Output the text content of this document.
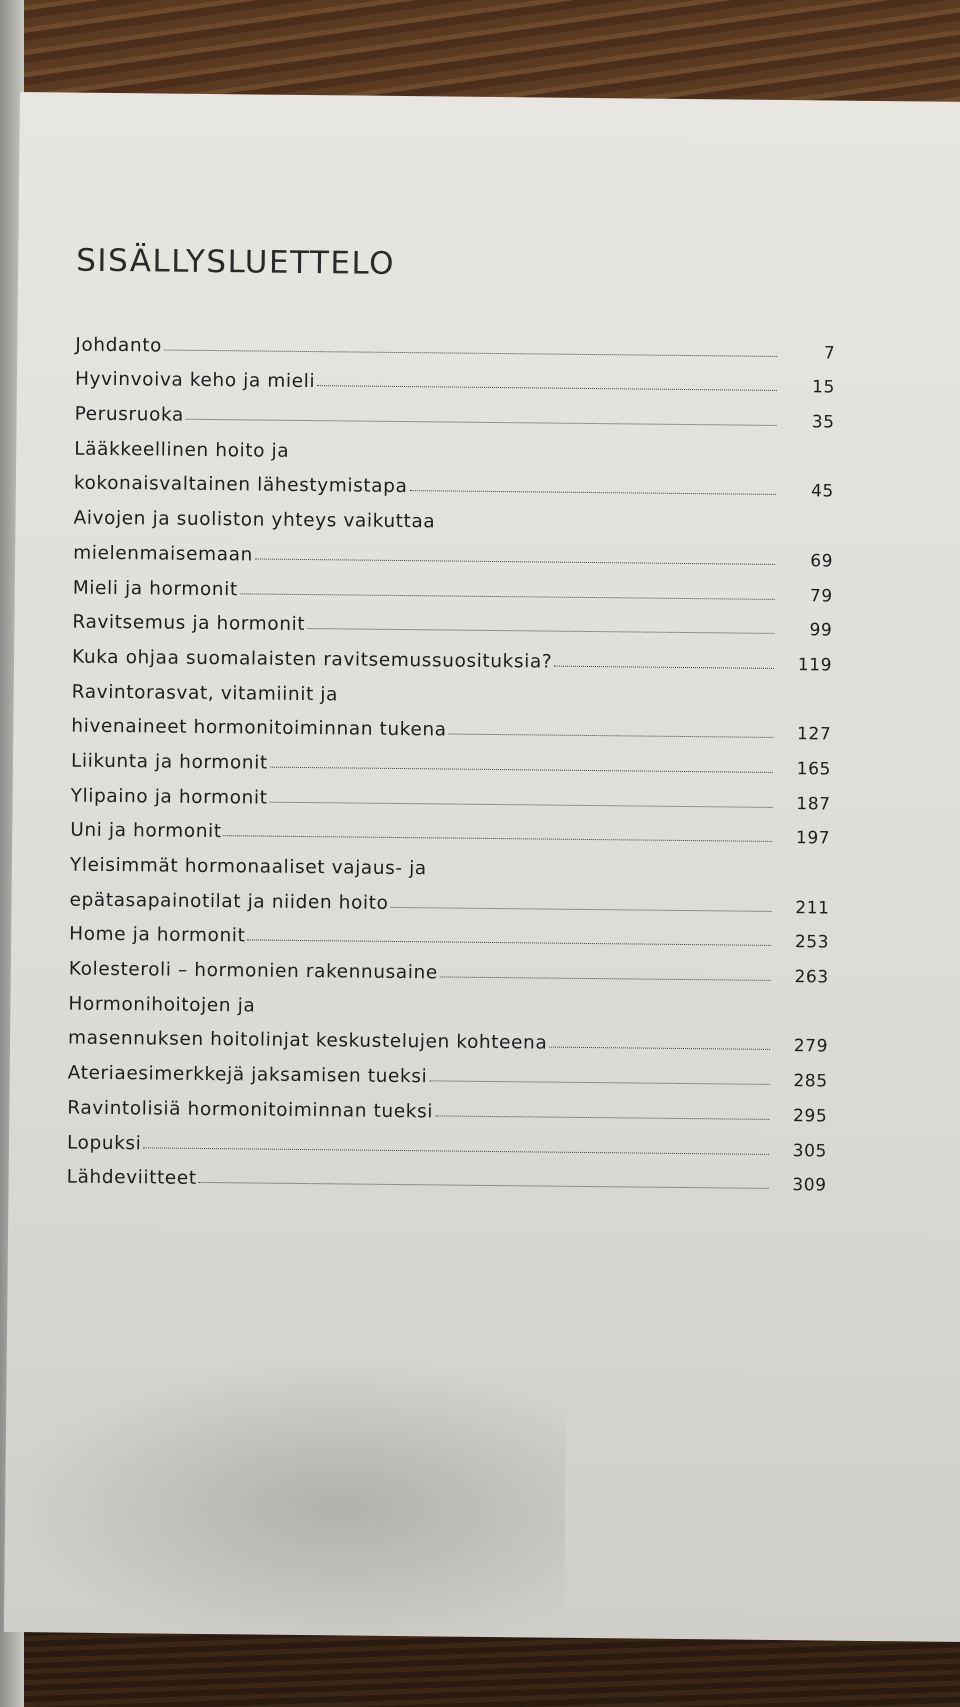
SISÄLLYSLUETTELO
Johdanto	7
Hyvinvoiva keho ja mieli	15
Perusruoka	35
Lääkkeellinen hoito ja
kokonaisvaltainen lähestymistapa	45
Aivojen ja suoliston yhteys vaikuttaa
mielenmaisemaan	69
Mieli ja hormonit	79
Ravitsemus ja hormonit	99
Kuka ohjaa suomalaisten ravitsemussuosituksia?	119
Ravintorasvat, vitamiinit ja
hivenaineet hormonitoiminnan tukena	127
Liikunta ja hormonit	165
Ylipaino ja hormonit	187
Uni ja hormonit	197
Yleisimmät hormonaaliset vajaus- ja
epätasapainotilat ja niiden hoito	211
Home ja hormonit	253
Kolesteroli – hormonien rakennusaine	263
Hormonihoitojen ja
masennuksen hoitolinjat keskustelujen kohteena	279
Ateriaesimerkkejä jaksamisen tueksi	285
Ravintolisiä hormonitoiminnan tueksi	295
Lopuksi	305
Lähdeviitteet	309
